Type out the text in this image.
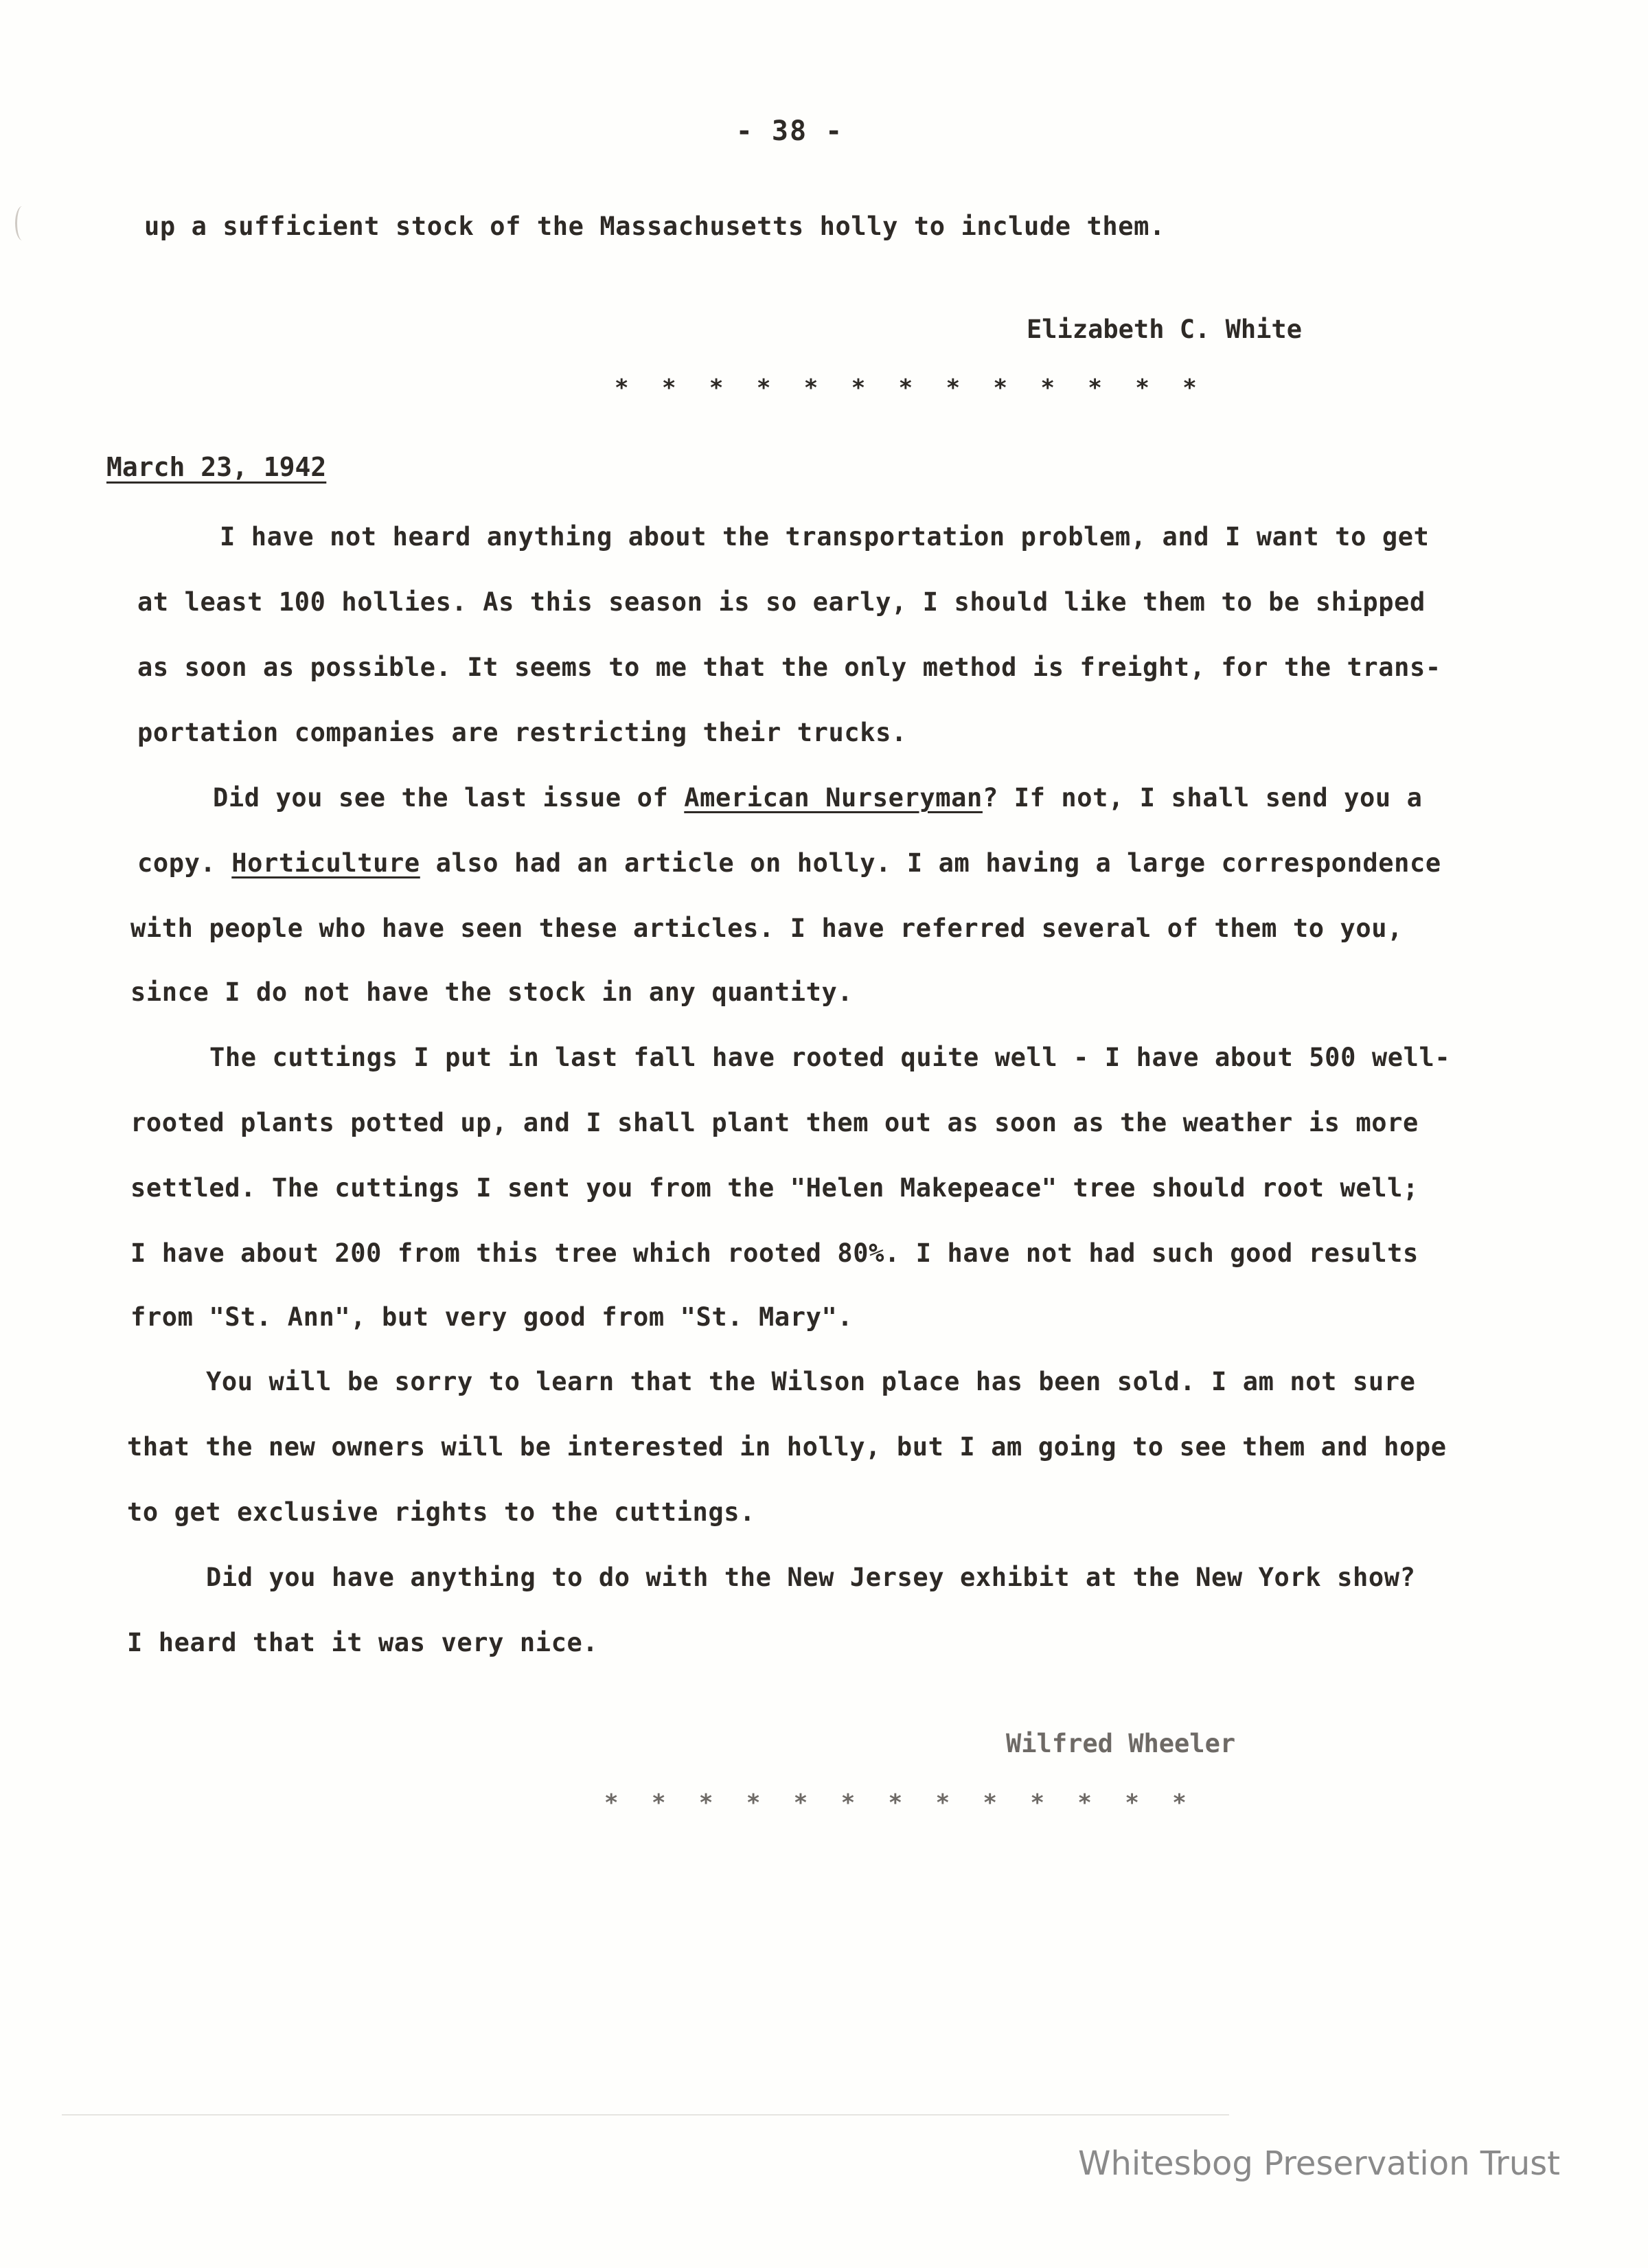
- 38 -
up a sufficient stock of the Massachusetts holly to include them.
Elizabeth C. White
* * * * * * * * * * * * *
March 23, 1942
I have not heard anything about the transportation problem, and I want to get
at least 100 hollies. As this season is so early, I should like them to be shipped
as soon as possible. It seems to me that the only method is freight, for the trans-
portation companies are restricting their trucks.
Did you see the last issue of American Nurseryman? If not, I shall send you a
copy. Horticulture also had an article on holly. I am having a large correspondence
with people who have seen these articles. I have referred several of them to you,
since I do not have the stock in any quantity.
The cuttings I put in last fall have rooted quite well - I have about 500 well-
rooted plants potted up, and I shall plant them out as soon as the weather is more
settled. The cuttings I sent you from the "Helen Makepeace" tree should root well;
I have about 200 from this tree which rooted 80%. I have not had such good results
from "St. Ann", but very good from "St. Mary".
You will be sorry to learn that the Wilson place has been sold. I am not sure
that the new owners will be interested in holly, but I am going to see them and hope
to get exclusive rights to the cuttings.
Did you have anything to do with the New Jersey exhibit at the New York show?
I heard that it was very nice.
Wilfred Wheeler
* * * * * * * * * * * * *
Whitesbog Preservation Trust
